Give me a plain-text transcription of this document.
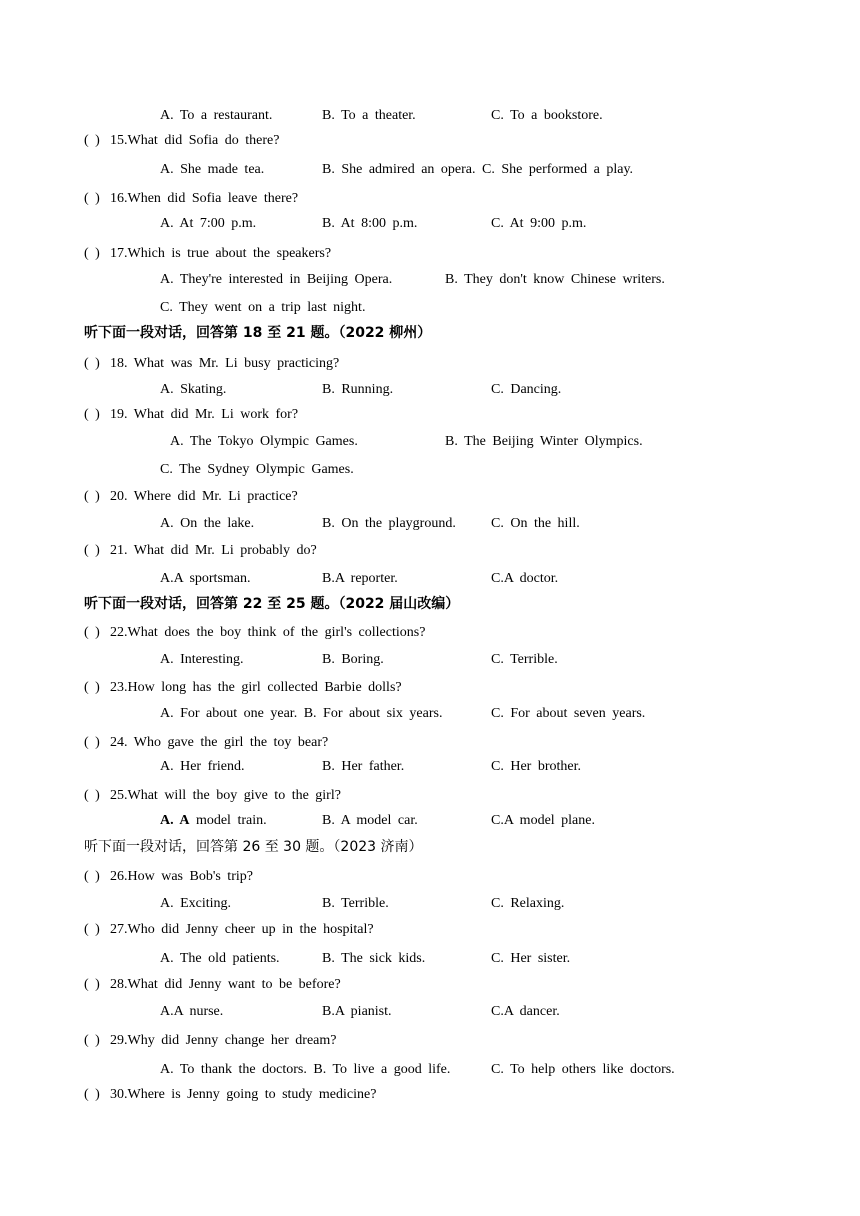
A. To a restaurant.	B. To a theater.	C. To a bookstore.
( ) 15.What did Sofia do there?
A. She made tea.	B. She admired an opera. C. She performed a play.
( ) 16.When did Sofia leave there?
A. At 7:00 p.m.	B. At 8:00 p.m.	C. At 9:00 p.m.
( ) 17.Which is true about the speakers?
A. They're interested in Beijing Opera.	B. They don't know Chinese writers.
C. They went on a trip last night.
听下面一段对话，回答第 18 至 21 题。（2022 柳州）
( ) 18. What was Mr. Li busy practicing?
A. Skating.	B. Running.	C. Dancing.
( ) 19. What did Mr. Li work for?
A. The Tokyo Olympic Games.	B. The Beijing Winter Olympics.
C. The Sydney Olympic Games.
( ) 20. Where did Mr. Li practice?
A. On the lake.	B. On the playground.	C. On the hill.
( ) 21. What did Mr. Li probably do?
A.A sportsman.	B.A reporter.	C.A doctor.
听下面一段对话，回答第 22 至 25 题。（2022 届山改编）
( ) 22.What does the boy think of the girl's collections?
A. Interesting.	B. Boring.	C. Terrible.
( ) 23.How long has the girl collected Barbie dolls?
A. For about one year. B. For about six years.	C. For about seven years.
( ) 24. Who gave the girl the toy bear?
A. Her friend.	B. Her father.	C. Her brother.
( ) 25.What will the boy give to the girl?
A. A model train.	B. A model car.	C.A model plane.
听下面一段对话，回答第 26 至 30 题。（2023 济南）
( ) 26.How was Bob's trip?
A. Exciting.	B. Terrible.	C. Relaxing.
( ) 27.Who did Jenny cheer up in the hospital?
A. The old patients.	B. The sick kids.	C. Her sister.
( ) 28.What did Jenny want to be before?
A.A nurse.	B.A pianist.	C.A dancer.
( ) 29.Why did Jenny change her dream?
A. To thank the doctors. B. To live a good life.	C. To help others like doctors.
( ) 30.Where is Jenny going to study medicine?
